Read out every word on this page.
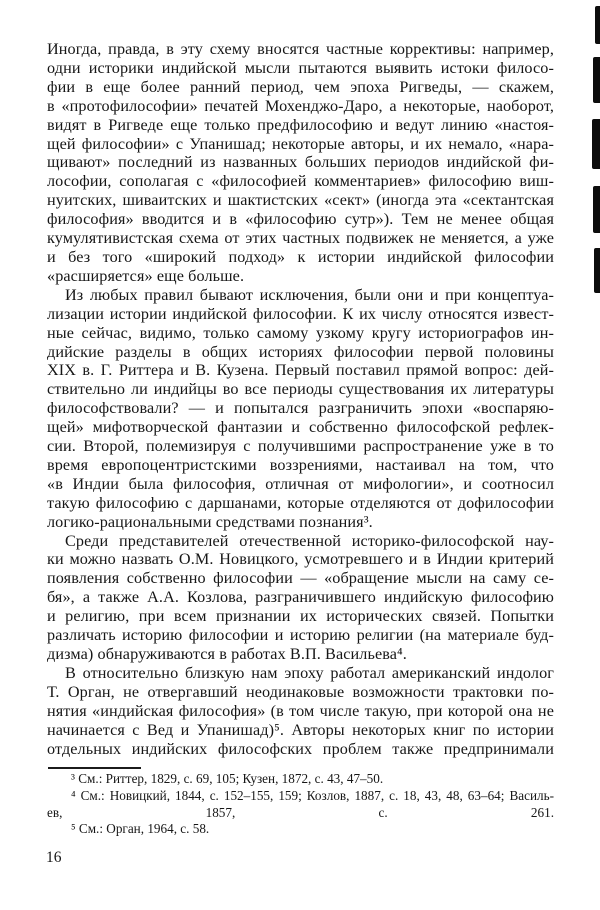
Иногда, правда, в эту схему вносятся частные коррективы: например,
одни историки индийской мысли пытаются выявить истоки филосо-
фии в еще более ранний период, чем эпоха Ригведы, — скажем,
в «протофилософии» печатей Мохенджо-Даро, а некоторые, наоборот,
видят в Ригведе еще только предфилософию и ведут линию «настоя-
щей философии» с Упанишад; некоторые авторы, и их немало, «нара-
щивают» последний из названных больших периодов индийской фи-
лософии, сополагая с «философией комментариев» философию виш-
нуитских, шиваитских и шактистских «сект» (иногда эта «сектантская
философия» вводится и в «философию сутр»). Тем не менее общая
кумулятивистская схема от этих частных подвижек не меняется, а уже
и без того «широкий подход» к истории индийской философии
«расширяется» еще больше.
Из любых правил бывают исключения, были они и при концептуа-
лизации истории индийской философии. К их числу относятся извест-
ные сейчас, видимо, только самому узкому кругу историографов ин-
дийские разделы в общих историях философии первой половины
XIX в. Г. Риттера и В. Кузена. Первый поставил прямой вопрос: дей-
ствительно ли индийцы во все периоды существования их литературы
философствовали? — и попытался разграничить эпохи «воспаряю-
щей» мифотворческой фантазии и собственно философской рефлек-
сии. Второй, полемизируя с получившими распространение уже в то
время европоцентристскими воззрениями, настаивал на том, что
«в Индии была философия, отличная от мифологии», и соотносил
такую философию с даршанами, которые отделяются от дофилософии
логико-рациональными средствами познания³.
Среди представителей отечественной историко-философской нау-
ки можно назвать О.М. Новицкого, усмотревшего и в Индии критерий
появления собственно философии — «обращение мысли на саму се-
бя», а также А.А. Козлова, разграничившего индийскую философию
и религию, при всем признании их исторических связей. Попытки
различать историю философии и историю религии (на материале буд-
дизма) обнаруживаются в работах В.П. Васильева⁴.
В относительно близкую нам эпоху работал американский индолог
Т. Орган, не отвергавший неодинаковые возможности трактовки по-
нятия «индийская философия» (в том числе такую, при которой она не
начинается с Вед и Упанишад)⁵. Авторы некоторых книг по истории
отдельных индийских философских проблем также предпринимали
³ См.: Риттер, 1829, с. 69, 105; Кузен, 1872, с. 43, 47–50.
⁴ См.: Новицкий, 1844, с. 152–155, 159; Козлов, 1887, с. 18, 43, 48, 63–64; Василь-
ев, 1857, с. 261.
⁵ См.: Орган, 1964, с. 58.
16
